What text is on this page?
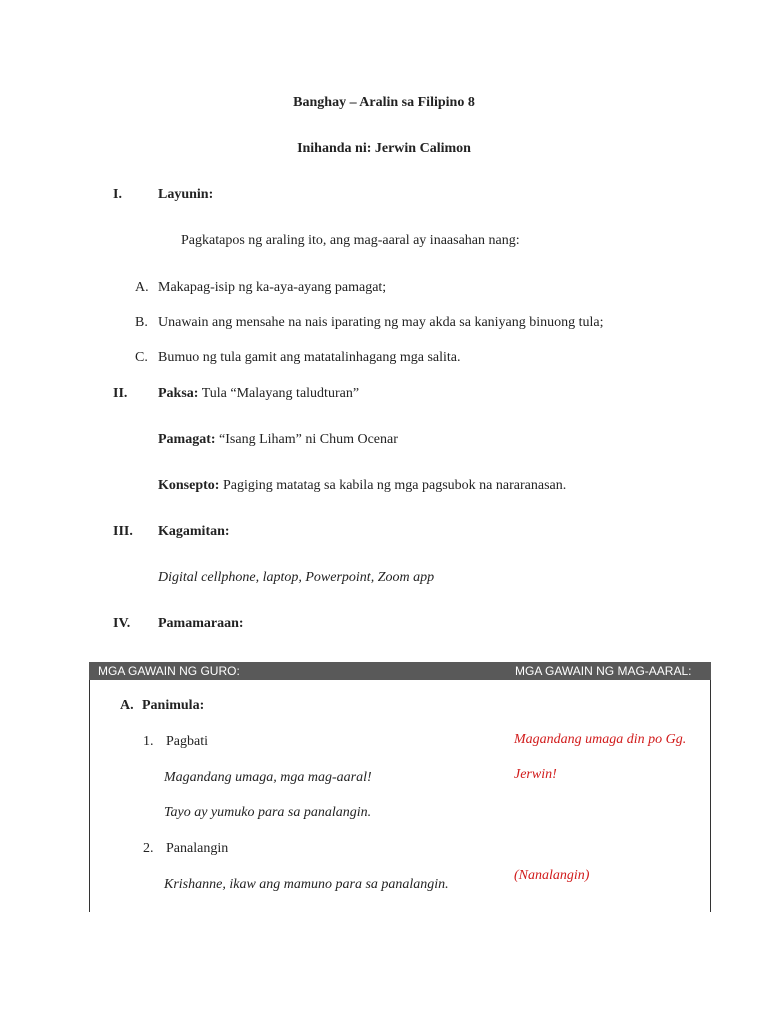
Banghay – Aralin sa Filipino 8
Inihanda ni: Jerwin Calimon
I.	Layunin:
Pagkatapos ng araling ito, ang mag-aaral ay inaasahan nang:
A. Makapag-isip ng ka-aya-ayang pamagat;
B. Unawain ang mensahe na nais iparating ng may akda sa kaniyang binuong tula;
C. Bumuo ng tula gamit ang matatalinhagang mga salita.
II. Paksa: Tula “Malayang taludturan”
Pamagat: “Isang Liham” ni Chum Ocenar
Konsepto: Pagiging matatag sa kabila ng mga pagsubok na nararanasan.
III. Kagamitan:
Digital cellphone, laptop, Powerpoint, Zoom app
IV. Pamamaraan:
MGA GAWAIN NG GURO:	MGA GAWAIN NG MAG-AARAL:
A. Panimula:
1. Pagbati
Magandang umaga, mga mag-aaral!
Tayo ay yumuko para sa panalangin.
2. Panalangin
Krishanne, ikaw ang mamuno para sa panalangin.
Magandang umaga din po Gg.
Jerwin!
(Nanalangin)
